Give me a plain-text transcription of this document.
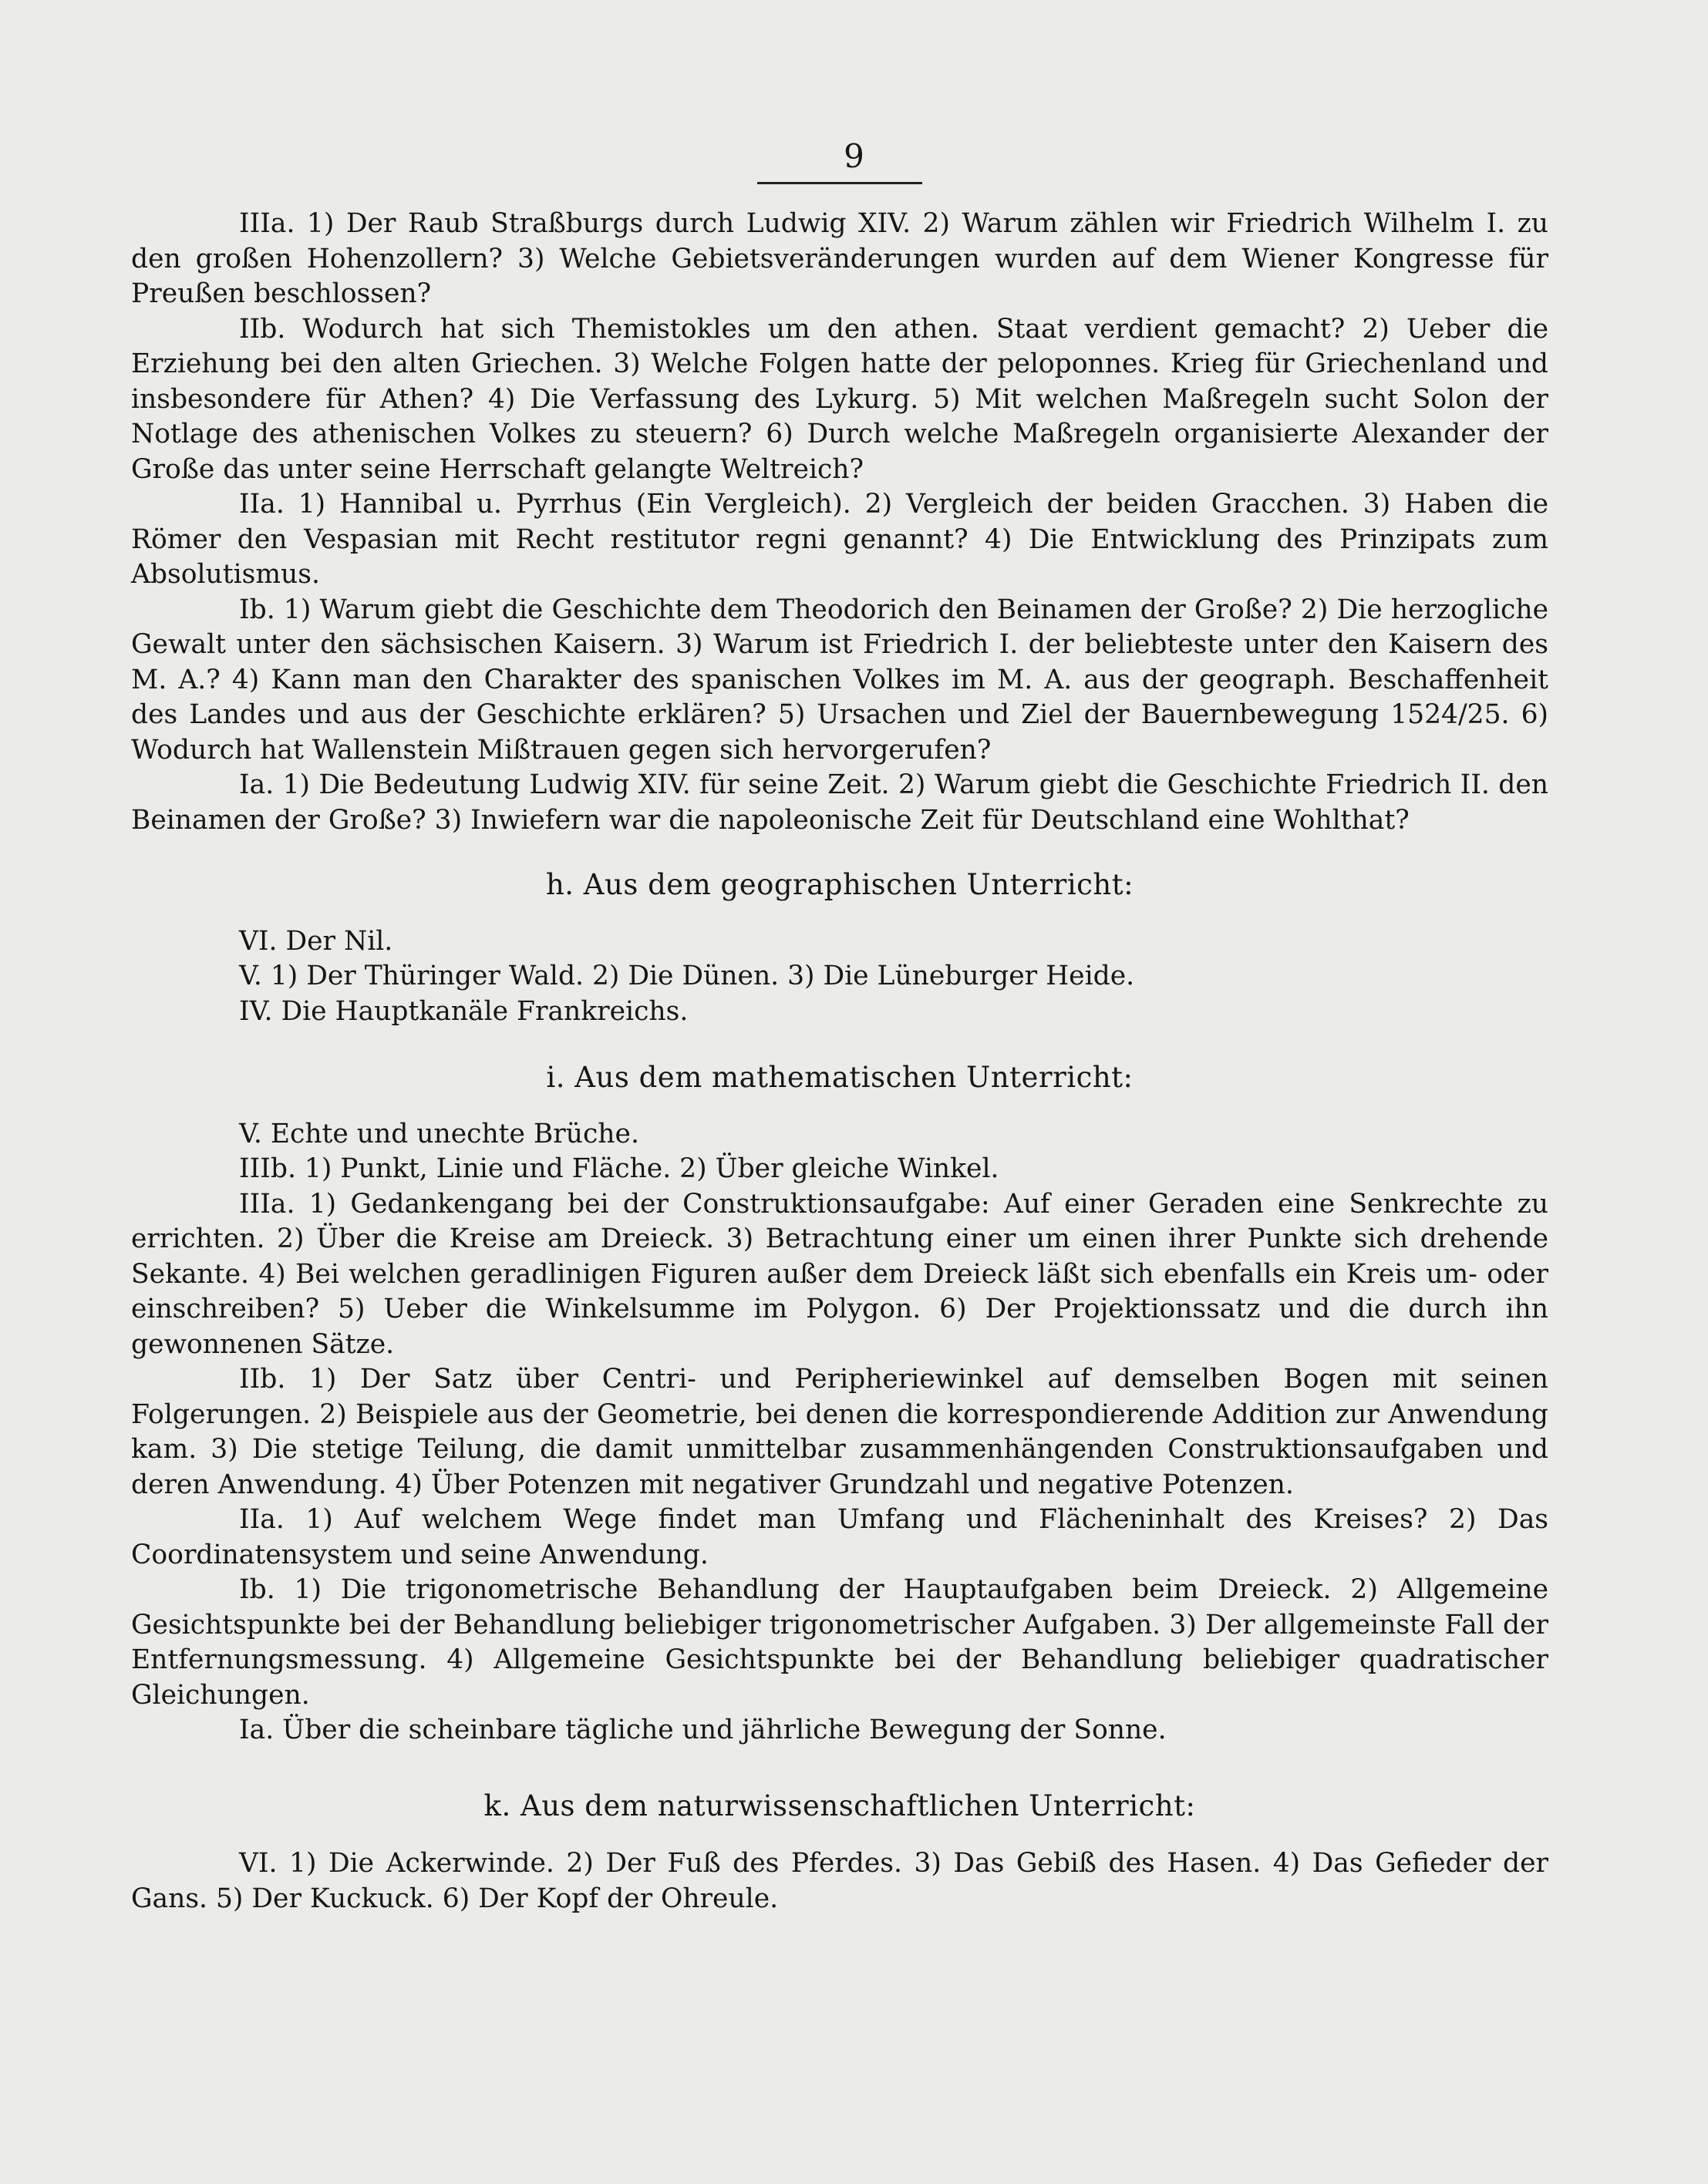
9

IIIa. 1) Der Raub Straßburgs durch Ludwig XIV. 2) Warum zählen wir Friedrich Wilhelm I. zu den großen Hohenzollern? 3) Welche Gebietsveränderungen wurden auf dem Wiener Kongresse für Preußen beschlossen?

IIb. Wodurch hat sich Themistokles um den athen. Staat verdient gemacht? 2) Ueber die Erziehung bei den alten Griechen. 3) Welche Folgen hatte der peloponnes. Krieg für Griechenland und insbesondere für Athen? 4) Die Verfassung des Lykurg. 5) Mit welchen Maßregeln sucht Solon der Notlage des athenischen Volkes zu steuern? 6) Durch welche Maßregeln organisierte Alexander der Große das unter seine Herrschaft gelangte Weltreich?

IIa. 1) Hannibal u. Pyrrhus (Ein Vergleich). 2) Vergleich der beiden Gracchen. 3) Haben die Römer den Vespasian mit Recht restitutor regni genannt? 4) Die Entwicklung des Prinzipats zum Absolutismus.

Ib. 1) Warum giebt die Geschichte dem Theodorich den Beinamen der Große? 2) Die herzogliche Gewalt unter den sächsischen Kaisern. 3) Warum ist Friedrich I. der beliebteste unter den Kaisern des M. A.? 4) Kann man den Charakter des spanischen Volkes im M. A. aus der geograph. Beschaffenheit des Landes und aus der Geschichte erklären? 5) Ursachen und Ziel der Bauernbewegung 1524/25. 6) Wodurch hat Wallenstein Mißtrauen gegen sich hervorgerufen?

Ia. 1) Die Bedeutung Ludwig XIV. für seine Zeit. 2) Warum giebt die Geschichte Friedrich II. den Beinamen der Große? 3) Inwiefern war die napoleonische Zeit für Deutschland eine Wohlthat?

h. Aus dem geographischen Unterricht:

VI. Der Nil.

V. 1) Der Thüringer Wald. 2) Die Dünen. 3) Die Lüneburger Heide.

IV. Die Hauptkanäle Frankreichs.

i. Aus dem mathematischen Unterricht:

V. Echte und unechte Brüche.

IIIb. 1) Punkt, Linie und Fläche. 2) Über gleiche Winkel.

IIIa. 1) Gedankengang bei der Construktionsaufgabe: Auf einer Geraden eine Senkrechte zu errichten. 2) Über die Kreise am Dreieck. 3) Betrachtung einer um einen ihrer Punkte sich drehende Sekante. 4) Bei welchen geradlinigen Figuren außer dem Dreieck läßt sich ebenfalls ein Kreis um- oder einschreiben? 5) Ueber die Winkelsumme im Polygon. 6) Der Projektionssatz und die durch ihn gewonnenen Sätze.

IIb. 1) Der Satz über Centri- und Peripheriewinkel auf demselben Bogen mit seinen Folgerungen. 2) Beispiele aus der Geometrie, bei denen die korrespondierende Addition zur Anwendung kam. 3) Die stetige Teilung, die damit unmittelbar zusammenhängenden Construktionsaufgaben und deren Anwendung. 4) Über Potenzen mit negativer Grundzahl und negative Potenzen.

IIa. 1) Auf welchem Wege findet man Umfang und Flächeninhalt des Kreises? 2) Das Coordinatensystem und seine Anwendung.

Ib. 1) Die trigonometrische Behandlung der Hauptaufgaben beim Dreieck. 2) Allgemeine Gesichtspunkte bei der Behandlung beliebiger trigonometrischer Aufgaben. 3) Der allgemeinste Fall der Entfernungsmessung. 4) Allgemeine Gesichtspunkte bei der Behandlung beliebiger quadratischer Gleichungen.

Ia. Über die scheinbare tägliche und jährliche Bewegung der Sonne.

k. Aus dem naturwissenschaftlichen Unterricht:

VI. 1) Die Ackerwinde. 2) Der Fuß des Pferdes. 3) Das Gebiß des Hasen. 4) Das Gefieder der Gans. 5) Der Kuckuck. 6) Der Kopf der Ohreule.
